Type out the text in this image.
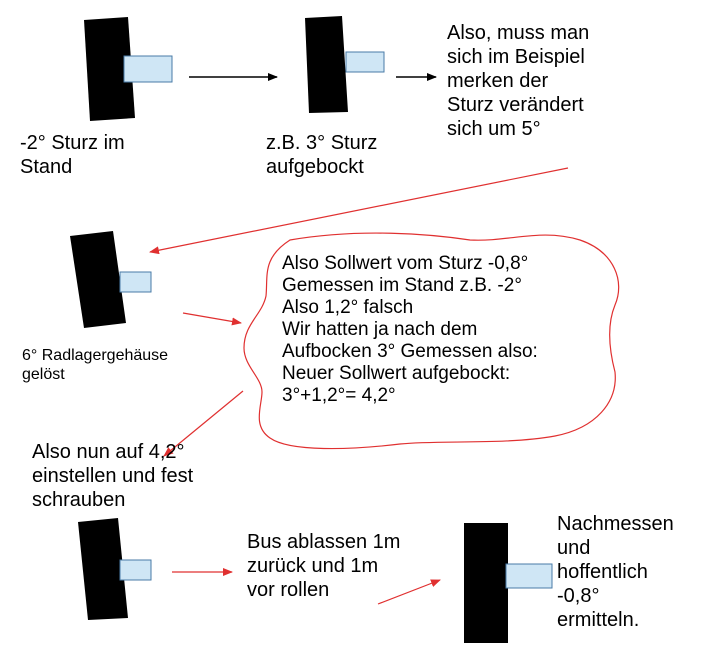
-2° Sturz im
Stand
z.B. 3° Sturz
aufgebockt
Also, muss man
sich im Beispiel
merken der
Sturz verändert
sich um 5°
6° Radlagergehäuse
gelöst
Also Sollwert vom Sturz -0,8°
Gemessen im Stand z.B. -2°
Also 1,2° falsch
Wir hatten ja nach dem
Aufbocken 3° Gemessen also:
Neuer Sollwert aufgebockt:
3°+1,2°= 4,2°
Also nun auf 4,2°
einstellen und fest
schrauben
Bus ablassen 1m
zurück und 1m
vor rollen
Nachmessen
und
hoffentlich
-0,8°
ermitteln.
